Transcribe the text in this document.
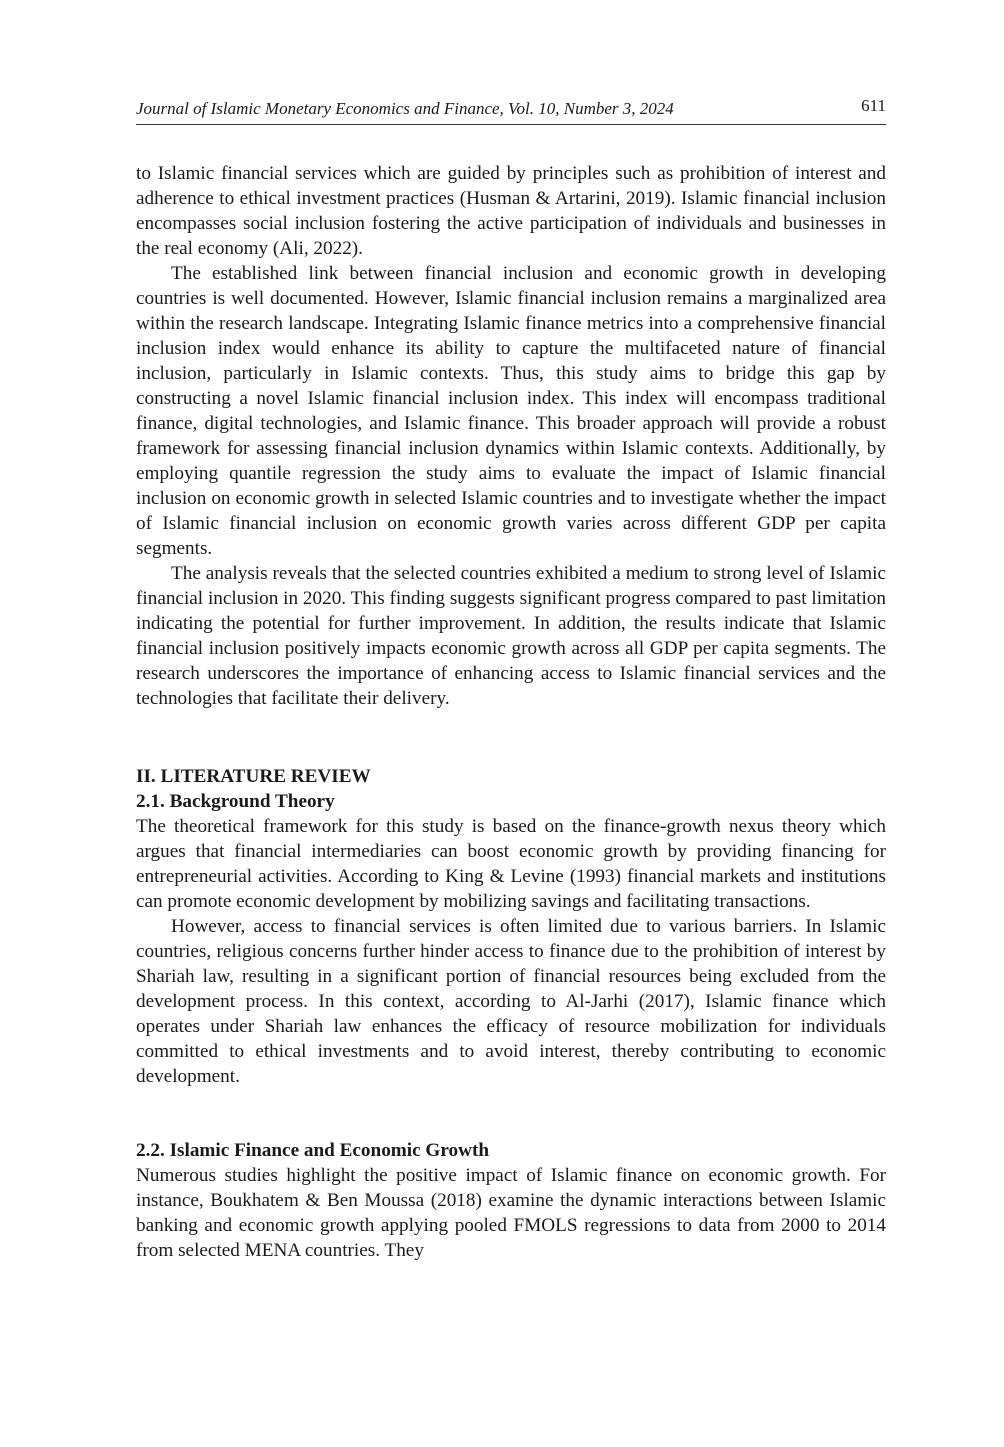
Journal of Islamic Monetary Economics and Finance, Vol. 10, Number 3, 2024	611

to Islamic financial services which are guided by principles such as prohibition of interest and adherence to ethical investment practices (Husman & Artarini, 2019). Islamic financial inclusion encompasses social inclusion fostering the active participation of individuals and businesses in the real economy (Ali, 2022).

The established link between financial inclusion and economic growth in developing countries is well documented. However, Islamic financial inclusion remains a marginalized area within the research landscape. Integrating Islamic finance metrics into a comprehensive financial inclusion index would enhance its ability to capture the multifaceted nature of financial inclusion, particularly in Islamic contexts. Thus, this study aims to bridge this gap by constructing a novel Islamic financial inclusion index. This index will encompass traditional finance, digital technologies, and Islamic finance. This broader approach will provide a robust framework for assessing financial inclusion dynamics within Islamic contexts. Additionally, by employing quantile regression the study aims to evaluate the impact of Islamic financial inclusion on economic growth in selected Islamic countries and to investigate whether the impact of Islamic financial inclusion on economic growth varies across different GDP per capita segments.

The analysis reveals that the selected countries exhibited a medium to strong level of Islamic financial inclusion in 2020. This finding suggests significant progress compared to past limitation indicating the potential for further improvement. In addition, the results indicate that Islamic financial inclusion positively impacts economic growth across all GDP per capita segments. The research underscores the importance of enhancing access to Islamic financial services and the technologies that facilitate their delivery.

II. LITERATURE REVIEW
2.1. Background Theory

The theoretical framework for this study is based on the finance-growth nexus theory which argues that financial intermediaries can boost economic growth by providing financing for entrepreneurial activities. According to King & Levine (1993) financial markets and institutions can promote economic development by mobilizing savings and facilitating transactions.

However, access to financial services is often limited due to various barriers. In Islamic countries, religious concerns further hinder access to finance due to the prohibition of interest by Shariah law, resulting in a significant portion of financial resources being excluded from the development process. In this context, according to Al-Jarhi (2017), Islamic finance which operates under Shariah law enhances the efficacy of resource mobilization for individuals committed to ethical investments and to avoid interest, thereby contributing to economic development.

2.2. Islamic Finance and Economic Growth

Numerous studies highlight the positive impact of Islamic finance on economic growth. For instance, Boukhatem & Ben Moussa (2018) examine the dynamic interactions between Islamic banking and economic growth applying pooled FMOLS regressions to data from 2000 to 2014 from selected MENA countries. They
